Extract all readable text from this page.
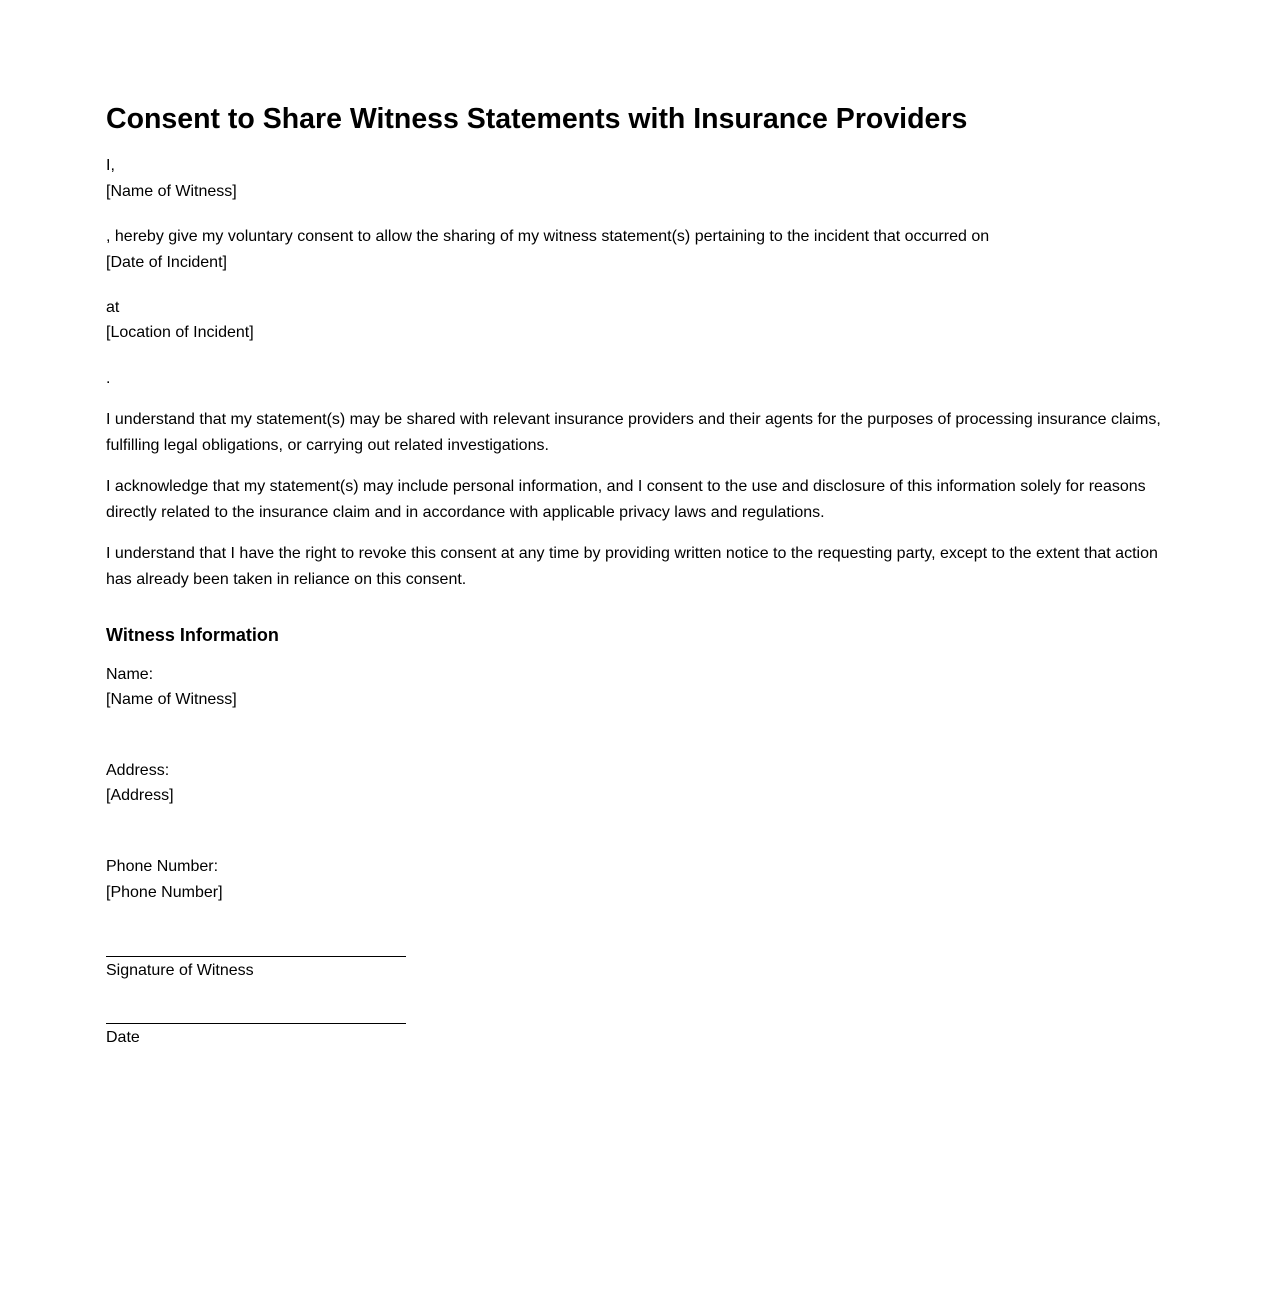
Consent to Share Witness Statements with Insurance Providers
I,
[Name of Witness]
, hereby give my voluntary consent to allow the sharing of my witness statement(s) pertaining to the incident that occurred on
[Date of Incident]
at
[Location of Incident]
.
I understand that my statement(s) may be shared with relevant insurance providers and their agents for the purposes of processing insurance claims, fulfilling legal obligations, or carrying out related investigations.
I acknowledge that my statement(s) may include personal information, and I consent to the use and disclosure of this information solely for reasons directly related to the insurance claim and in accordance with applicable privacy laws and regulations.
I understand that I have the right to revoke this consent at any time by providing written notice to the requesting party, except to the extent that action has already been taken in reliance on this consent.
Witness Information
Name:
[Name of Witness]
Address:
[Address]
Phone Number:
[Phone Number]
Signature of Witness
Date
